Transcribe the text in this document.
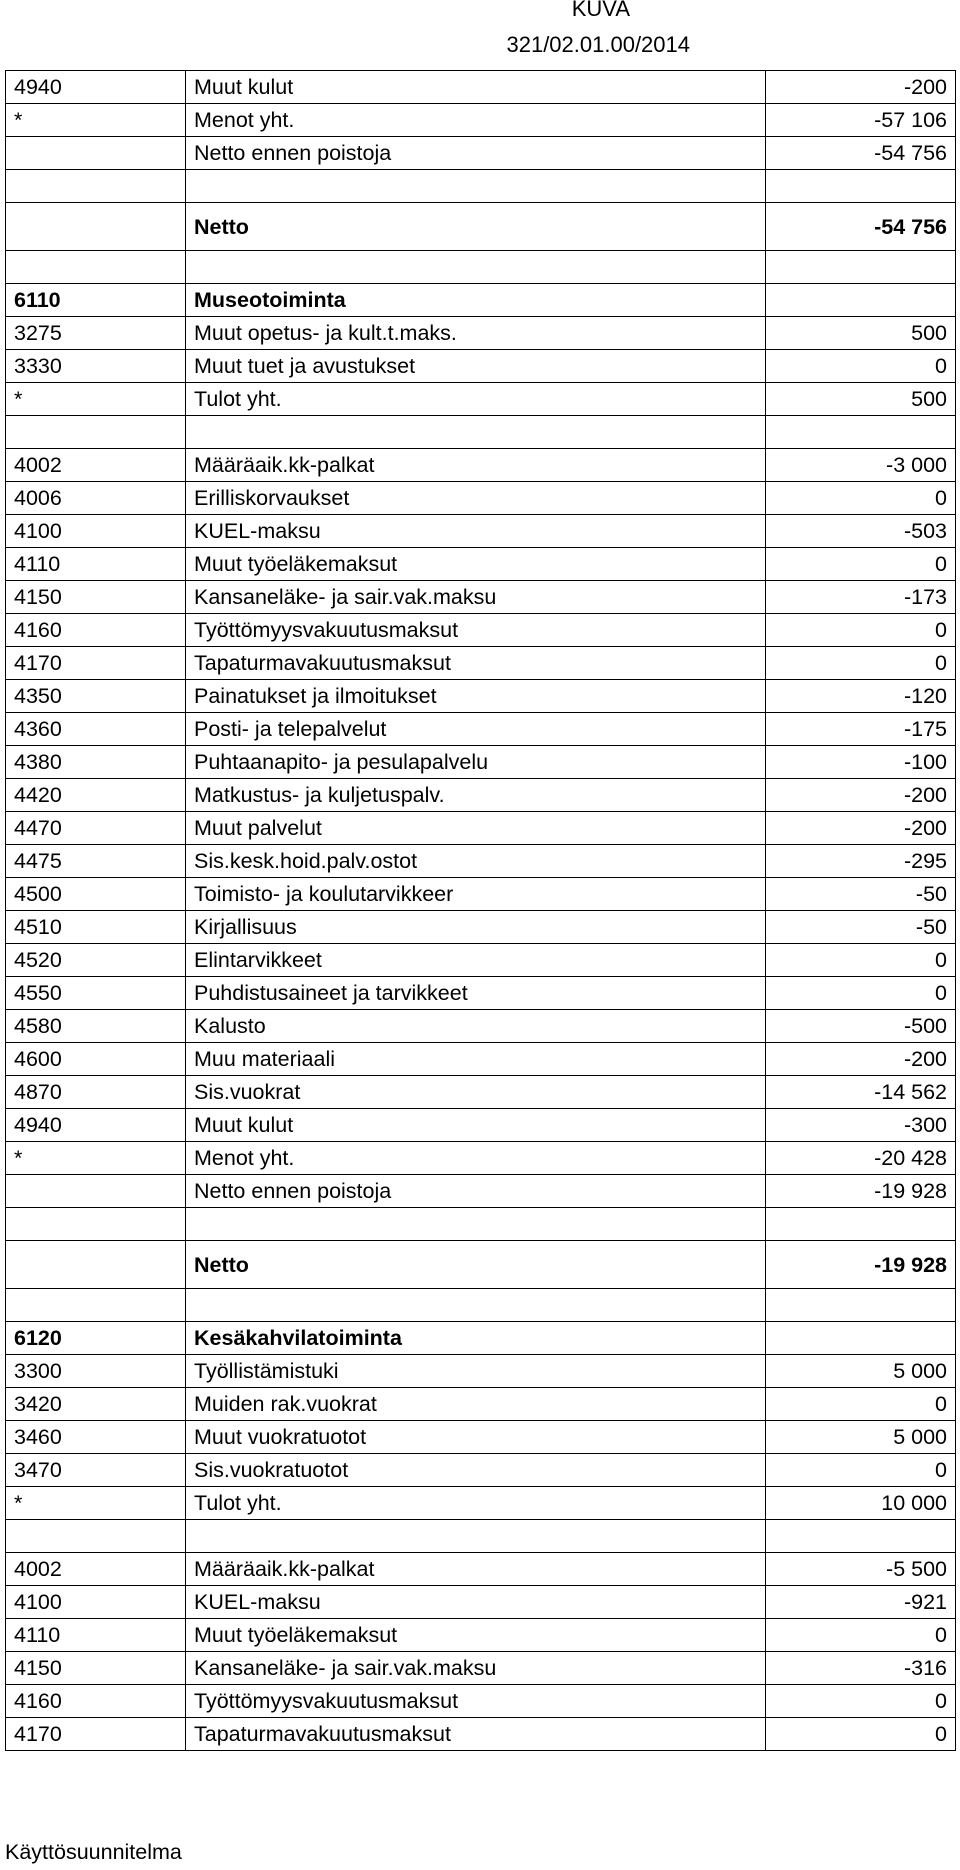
KUVA
321/02.01.00/2014
4940	Muut kulut	-200
*	Menot yht.	-57 106
	Netto ennen poistoja	-54 756

	Netto	-54 756

6110	Museotoiminta	
3275	Muut opetus- ja kult.t.maks.	500
3330	Muut tuet ja avustukset	0
*	Tulot yht.	500

4002	Määräaik.kk-palkat	-3 000
4006	Erilliskorvaukset	0
4100	KUEL-maksu	-503
4110	Muut työeläkemaksut	0
4150	Kansaneläke- ja sair.vak.maksu	-173
4160	Työttömyysvakuutusmaksut	0
4170	Tapaturmavakuutusmaksut	0
4350	Painatukset ja ilmoitukset	-120
4360	Posti- ja telepalvelut	-175
4380	Puhtaanapito- ja pesulapalvelu	-100
4420	Matkustus- ja kuljetuspalv.	-200
4470	Muut palvelut	-200
4475	Sis.kesk.hoid.palv.ostot	-295
4500	Toimisto- ja koulutarvikkeer	-50
4510	Kirjallisuus	-50
4520	Elintarvikkeet	0
4550	Puhdistusaineet ja tarvikkeet	0
4580	Kalusto	-500
4600	Muu materiaali	-200
4870	Sis.vuokrat	-14 562
4940	Muut kulut	-300
*	Menot yht.	-20 428
	Netto ennen poistoja	-19 928

	Netto	-19 928

6120	Kesäkahvilatoiminta	
3300	Työllistämistuki	5 000
3420	Muiden rak.vuokrat	0
3460	Muut vuokratuotot	5 000
3470	Sis.vuokratuotot	0
*	Tulot yht.	10 000

4002	Määräaik.kk-palkat	-5 500
4100	KUEL-maksu	-921
4110	Muut työeläkemaksut	0
4150	Kansaneläke- ja sair.vak.maksu	-316
4160	Työttömyysvakuutusmaksut	0
4170	Tapaturmavakuutusmaksut	0
Käyttösuunnitelma
